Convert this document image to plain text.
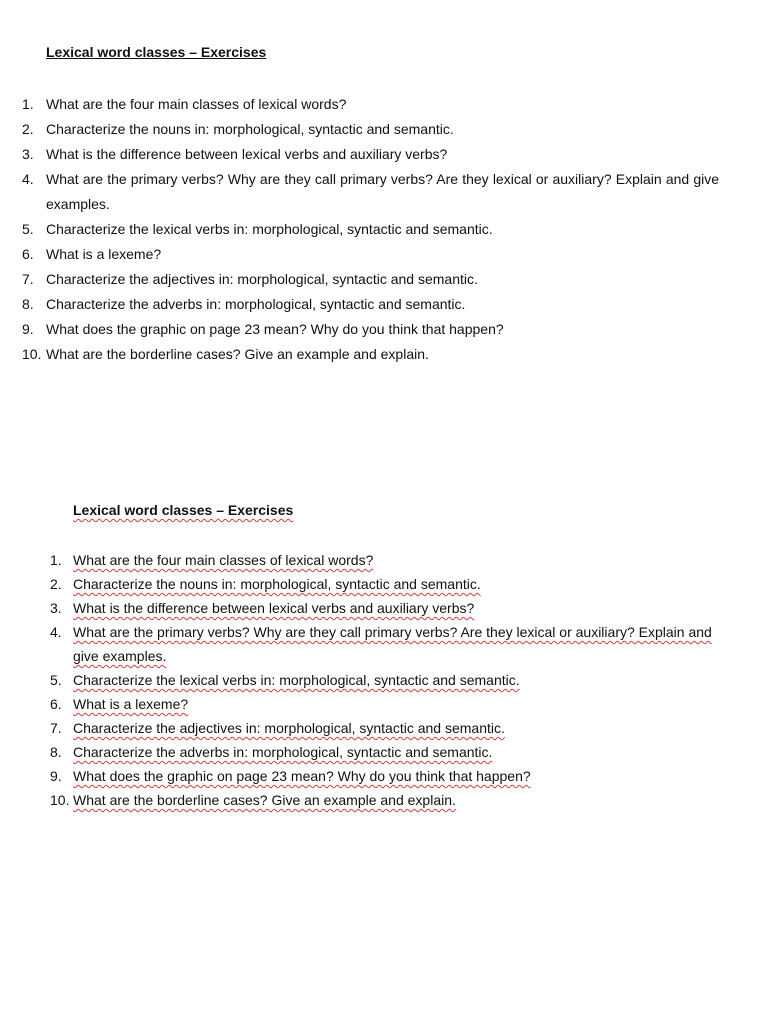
Lexical word classes – Exercises
1. What are the four main classes of lexical words?
2. Characterize the nouns in: morphological, syntactic and semantic.
3. What is the difference between lexical verbs and auxiliary verbs?
4. What are the primary verbs? Why are they call primary verbs? Are they lexical or auxiliary? Explain and give examples.
5. Characterize the lexical verbs in: morphological, syntactic and semantic.
6. What is a lexeme?
7. Characterize the adjectives in: morphological, syntactic and semantic.
8. Characterize the adverbs in: morphological, syntactic and semantic.
9. What does the graphic on page 23 mean? Why do you think that happen?
10. What are the borderline cases? Give an example and explain.
Lexical word classes – Exercises
1. What are the four main classes of lexical words?
2. Characterize the nouns in: morphological, syntactic and semantic.
3. What is the difference between lexical verbs and auxiliary verbs?
4. What are the primary verbs? Why are they call primary verbs? Are they lexical or auxiliary? Explain and give examples.
5. Characterize the lexical verbs in: morphological, syntactic and semantic.
6. What is a lexeme?
7. Characterize the adjectives in: morphological, syntactic and semantic.
8. Characterize the adverbs in: morphological, syntactic and semantic.
9. What does the graphic on page 23 mean? Why do you think that happen?
10. What are the borderline cases? Give an example and explain.
